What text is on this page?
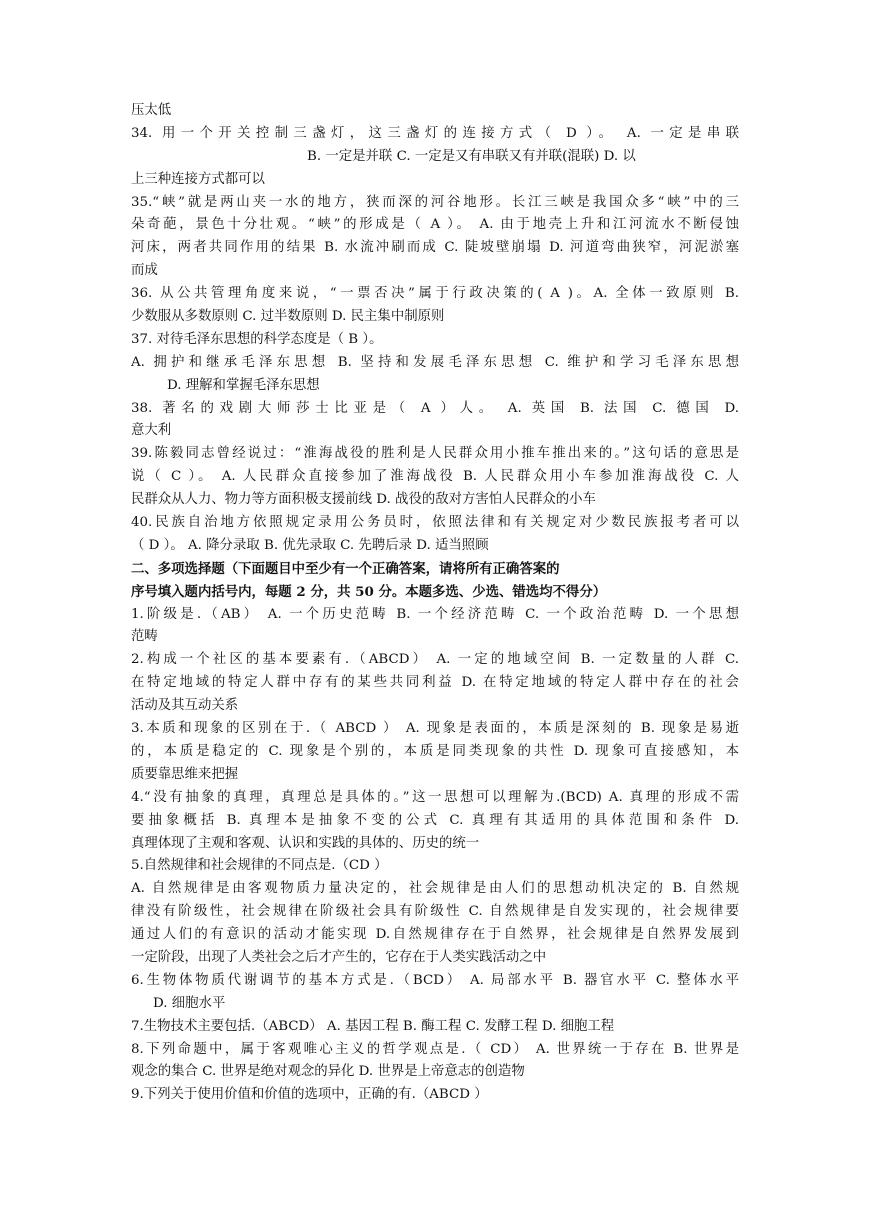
压太低
34. 用一个开关控制三盏灯，这三盏灯的连接方式（ D ）。 A. 一定是串联
B. 一定是并联 C. 一定是又有串联又有并联(混联) D. 以
上三种连接方式都可以
35.“峡”就是两山夹一水的地方，狭而深的河谷地形。长江三峡是我国众多“峡”中的三
朵奇葩，景色十分壮观。“峡”的形成是（ A ）。 A. 由于地壳上升和江河流水不断侵蚀
河床，两者共同作用的结果 B. 水流冲刷而成 C. 陡坡壁崩塌 D. 河道弯曲狭窄，河泥淤塞
而成
36. 从公共管理角度来说，“一票否决”属于行政决策的( A )。A. 全体一致原则 B.
少数服从多数原则 C. 过半数原则 D. 民主集中制原则
37. 对待毛泽东思想的科学态度是（ B ）。
A. 拥护和继承毛泽东思想 B. 坚持和发展毛泽东思想 C. 维护和学习毛泽东思想
D. 理解和掌握毛泽东思想
38. 著名的戏剧大师莎士比亚是（ A ）人。 A. 英国 B. 法国 C. 德国 D.
意大利
39.陈毅同志曾经说过：“淮海战役的胜利是人民群众用小推车推出来的。”这句话的意思是
说（ C ）。 A. 人民群众直接参加了淮海战役 B. 人民群众用小车参加淮海战役 C. 人
民群众从人力、物力等方面积极支援前线 D. 战役的敌对方害怕人民群众的小车
40.民族自治地方依照规定录用公务员时，依照法律和有关规定对少数民族报考者可以
（ D ）。 A. 降分录取 B. 优先录取 C. 先聘后录 D. 适当照顾
二、多项选择题（下面题目中至少有一个正确答案，请将所有正确答案的
序号填入题内括号内，每题 2 分，共 50 分。本题多选、少选、错选均不得分）
1.阶级是.（AB） A. 一个历史范畴 B. 一个经济范畴 C. 一个政治范畴 D. 一个思想
范畴
2.构成一个社区的基本要素有.（ABCD） A. 一定的地域空间 B. 一定数量的人群 C.
在特定地域的特定人群中存有的某些共同利益 D. 在特定地域的特定人群中存在的社会
活动及其互动关系
3.本质和现象的区别在于.（ ABCD ） A. 现象是表面的，本质是深刻的 B. 现象是易逝
的，本质是稳定的 C. 现象是个别的，本质是同类现象的共性 D. 现象可直接感知，本
质要靠思维来把握
4.“没有抽象的真理，真理总是具体的。”这一思想可以理解为.(BCD) A. 真理的形成不需
要抽象概括 B. 真理本是抽象不变的公式 C. 真理有其适用的具体范围和条件 D.
真理体现了主观和客观、认识和实践的具体的、历史的统一
5.自然规律和社会规律的不同点是.（CD ）
A. 自然规律是由客观物质力量决定的，社会规律是由人们的思想动机决定的 B. 自然规
律没有阶级性，社会规律在阶级社会具有阶级性 C. 自然规律是自发实现的，社会规律要
通过人们的有意识的活动才能实现 D.自然规律存在于自然界，社会规律是自然界发展到
一定阶段，出现了人类社会之后才产生的，它存在于人类实践活动之中
6.生物体物质代谢调节的基本方式是.（BCD） A. 局部水平 B. 器官水平 C. 整体水平
D. 细胞水平
7.生物技术主要包括.（ABCD） A. 基因工程 B. 酶工程 C. 发酵工程 D. 细胞工程
8.下列命题中，属于客观唯心主义的哲学观点是.（ CD） A. 世界统一于存在 B. 世界是
观念的集合 C. 世界是绝对观念的异化 D. 世界是上帝意志的创造物
9.下列关于使用价值和价值的选项中，正确的有.（ABCD ）
